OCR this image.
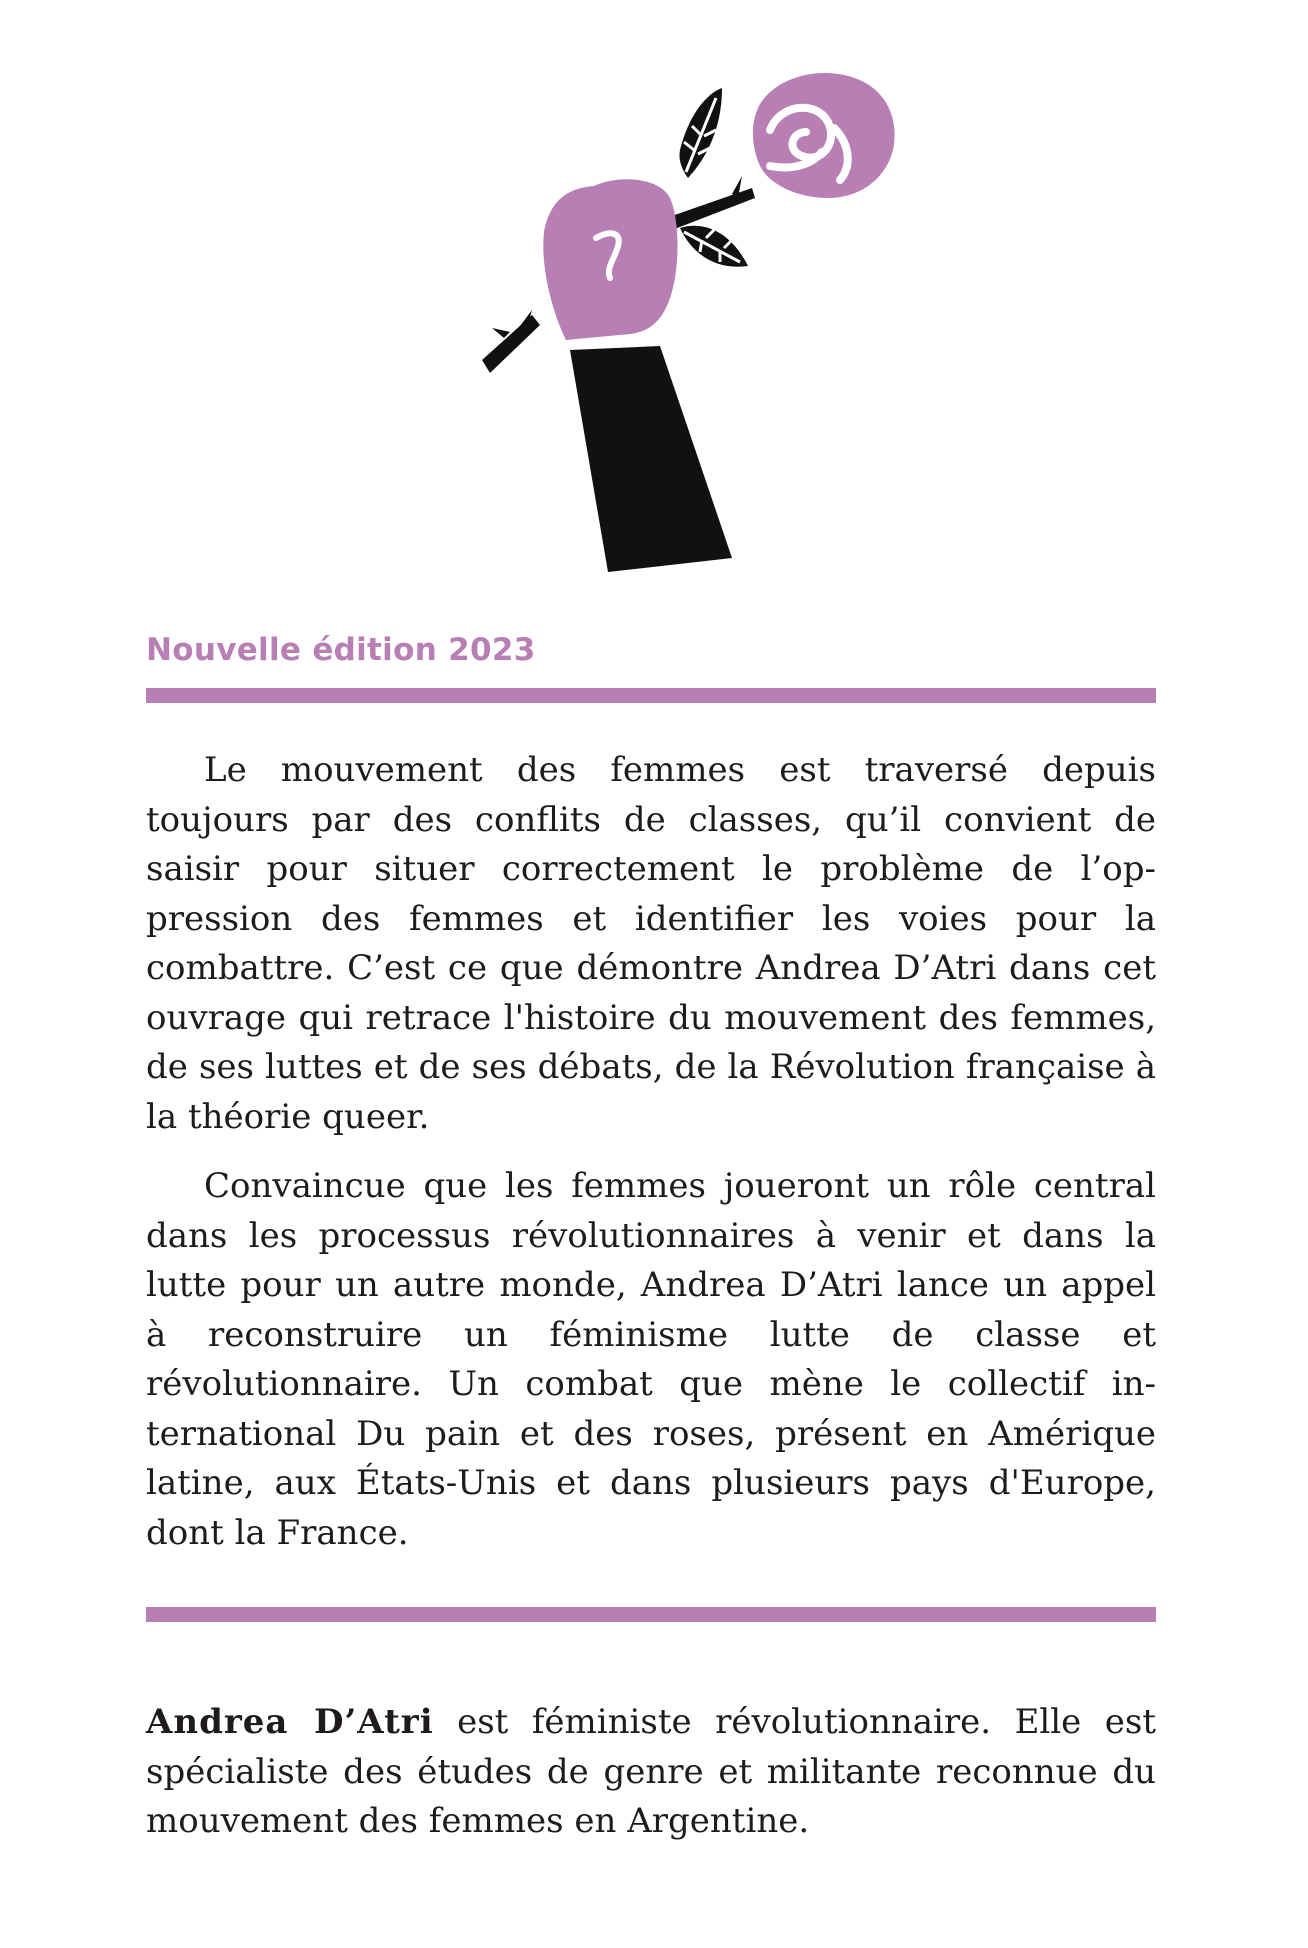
Nouvelle édition 2023

Le mouvement des femmes est traversé depuis toujours par des conflits de classes, qu’il convient de saisir pour situer correctement le problème de l’oppression des femmes et identifier les voies pour la combattre. C’est ce que démontre Andrea D’Atri dans cet ouvrage qui retrace l'histoire du mouvement des femmes, de ses luttes et de ses débats, de la Révolution française à la théorie queer.

Convaincue que les femmes joueront un rôle central dans les processus révolutionnaires à venir et dans la lutte pour un autre monde, Andrea D’Atri lance un appel à reconstruire un féminisme lutte de classe et révolutionnaire. Un combat que mène le collectif international Du pain et des roses, présent en Amérique latine, aux États-Unis et dans plusieurs pays d'Europe, dont la France.

Andrea D’Atri est féministe révolutionnaire. Elle est spécialiste des études de genre et militante reconnue du mouvement des femmes en Argentine.
